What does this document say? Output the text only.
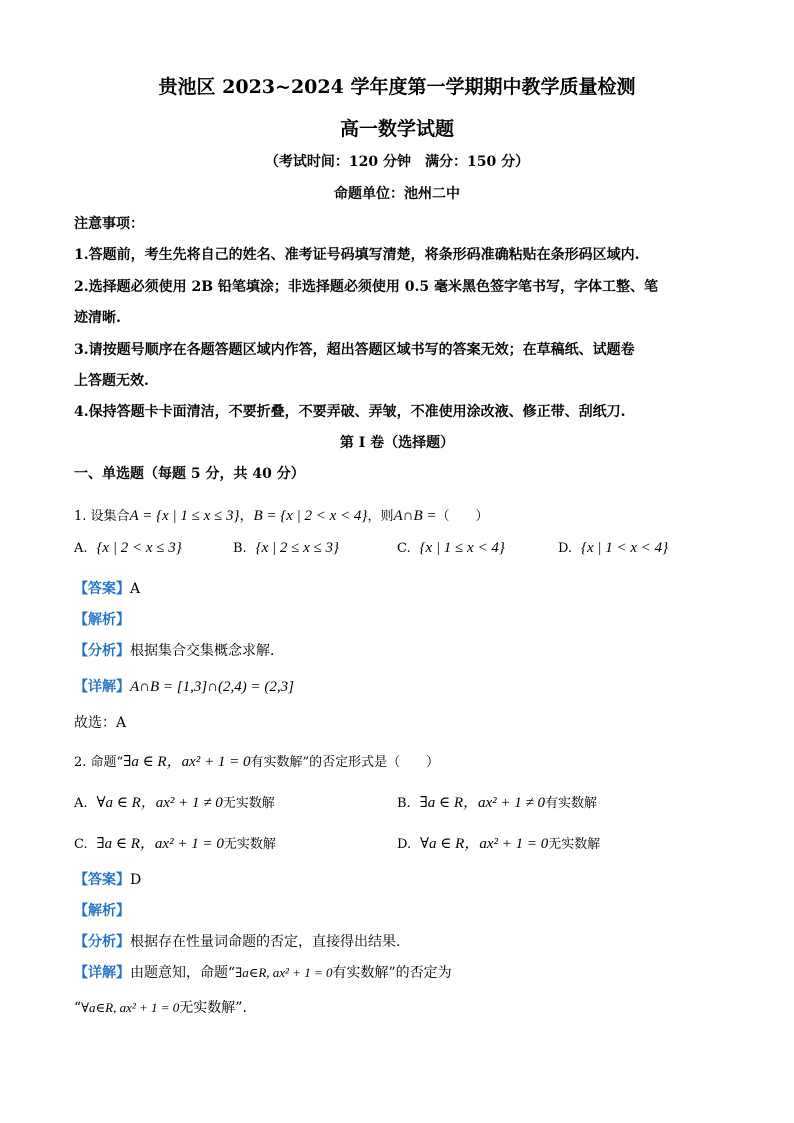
贵池区 2023~2024 学年度第一学期期中教学质量检测
高一数学试题
（考试时间：120 分钟　满分：150 分）
命题单位：池州二中
注意事项：
1.答题前，考生先将自己的姓名、准考证号码填写清楚，将条形码准确粘贴在条形码区域内.
2.选择题必须使用 2B 铅笔填涂；非选择题必须使用 0.5 毫米黑色签字笔书写，字体工整、笔
迹清晰.
3.请按题号顺序在各题答题区域内作答，超出答题区域书写的答案无效；在草稿纸、试题卷
上答题无效.
4.保持答题卡卡面清洁，不要折叠，不要弄破、弄皱，不准使用涂改液、修正带、刮纸刀.
第 I 卷（选择题）
一、单选题（每题 5 分，共 40 分）
1. 设集合A = {x | 1 ≤ x ≤ 3}，B = {x | 2 < x < 4}，则A∩B =（　　）
A. {x | 2 < x ≤ 3}	B. {x | 2 ≤ x ≤ 3}	C. {x | 1 ≤ x < 4}	D. {x | 1 < x < 4}
【答案】A
【解析】
【分析】根据集合交集概念求解．
【详解】A∩B = [1,3]∩(2,4) = (2,3]
故选：A
2. 命题“∃a ∈ R，ax² + 1 = 0有实数解”的否定形式是（　　）
A. ∀a ∈ R，ax² + 1 ≠ 0无实数解	B. ∃a ∈ R，ax² + 1 ≠ 0有实数解
C. ∃a ∈ R，ax² + 1 = 0无实数解	D. ∀a ∈ R，ax² + 1 = 0无实数解
【答案】D
【解析】
【分析】根据存在性量词命题的否定，直接得出结果.
【详解】由题意知，命题“∃a∈R, ax² + 1 = 0有实数解”的否定为
“∀a∈R, ax² + 1 = 0无实数解”.
